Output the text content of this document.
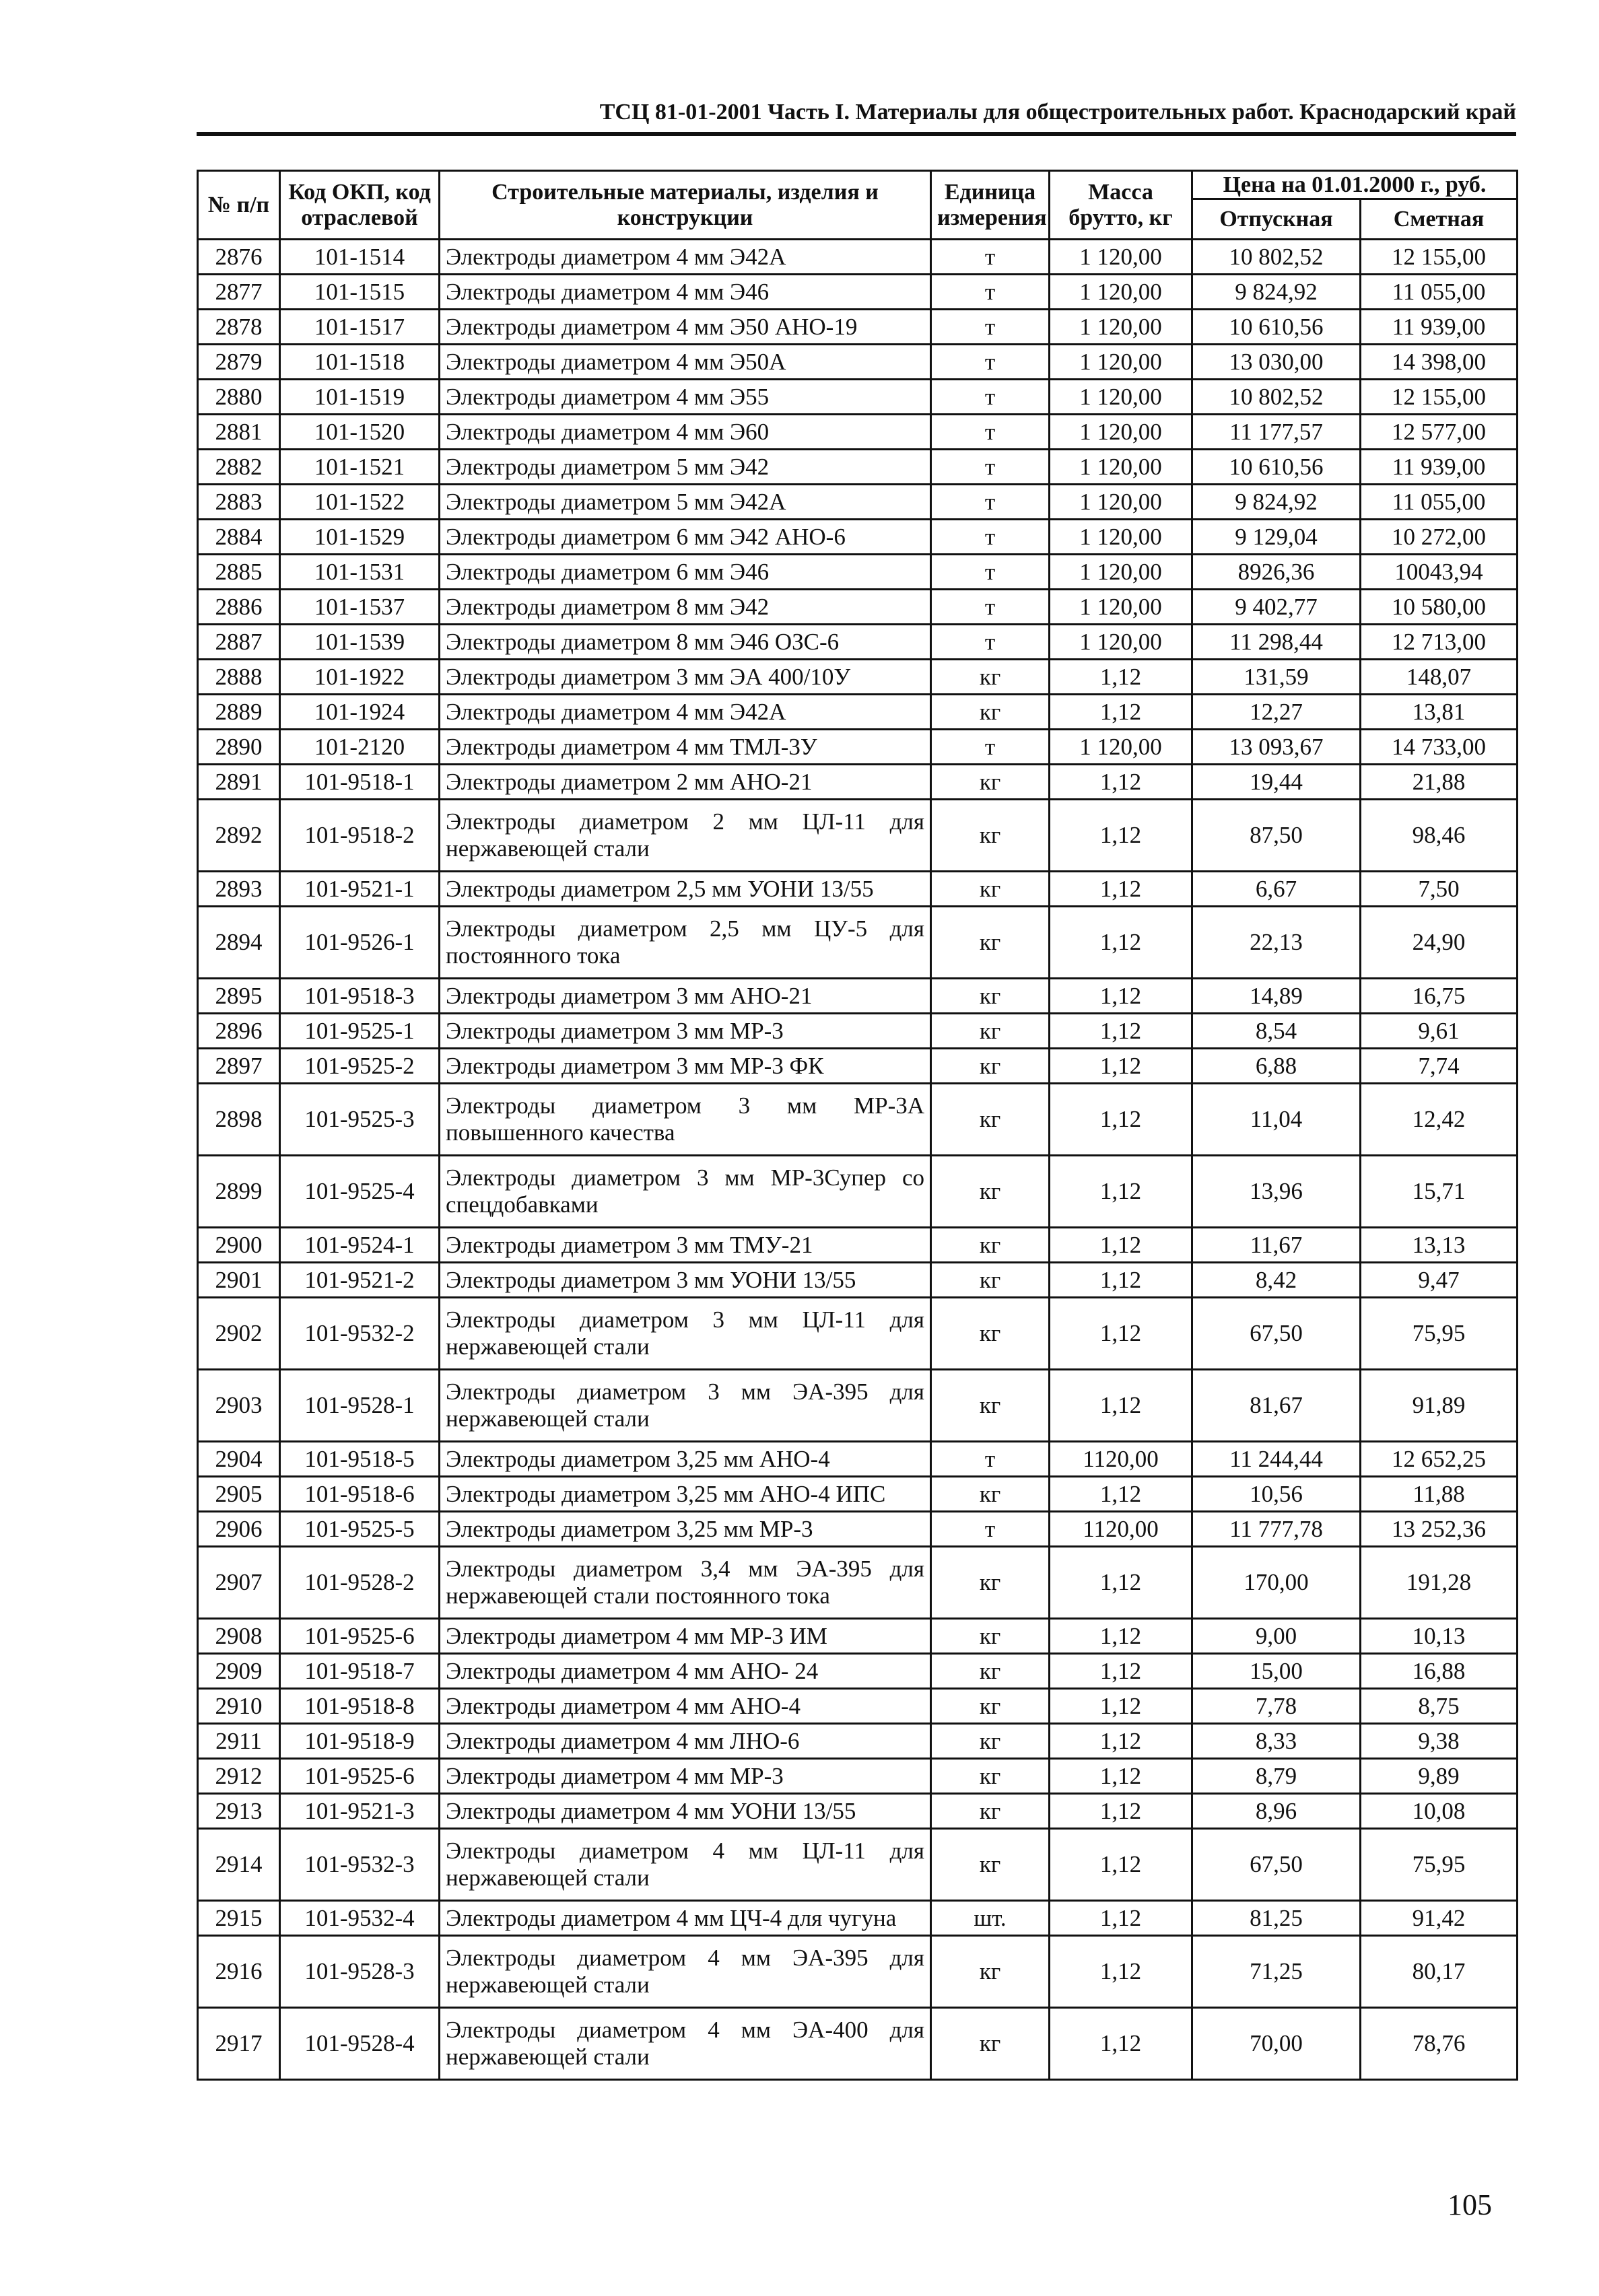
ТСЦ 81-01-2001 Часть I. Материалы для общестроительных работ. Краснодарский край
№ п/п	Код ОКП, код отраслевой	Строительные материалы, изделия и конструкции	Единица измерения	Масса брутто, кг	Цена на 01.01.2000 г., руб.	
					Отпускная	Сметная
2876	101-1514	Электроды диаметром 4 мм Э42А	т	1 120,00	10 802,52	12 155,00
2877	101-1515	Электроды диаметром 4 мм Э46	т	1 120,00	9 824,92	11 055,00
2878	101-1517	Электроды диаметром 4 мм Э50 АНО-19	т	1 120,00	10 610,56	11 939,00
2879	101-1518	Электроды диаметром 4 мм Э50А	т	1 120,00	13 030,00	14 398,00
2880	101-1519	Электроды диаметром 4 мм Э55	т	1 120,00	10 802,52	12 155,00
2881	101-1520	Электроды диаметром 4 мм Э60	т	1 120,00	11 177,57	12 577,00
2882	101-1521	Электроды диаметром 5 мм Э42	т	1 120,00	10 610,56	11 939,00
2883	101-1522	Электроды диаметром 5 мм Э42А	т	1 120,00	9 824,92	11 055,00
2884	101-1529	Электроды диаметром 6 мм Э42 АНО-6	т	1 120,00	9 129,04	10 272,00
2885	101-1531	Электроды диаметром 6 мм Э46	т	1 120,00	8926,36	10043,94
2886	101-1537	Электроды диаметром 8 мм Э42	т	1 120,00	9 402,77	10 580,00
2887	101-1539	Электроды диаметром 8 мм Э46 ОЗС-6	т	1 120,00	11 298,44	12 713,00
2888	101-1922	Электроды диаметром 3 мм ЭА 400/10У	кг	1,12	131,59	148,07
2889	101-1924	Электроды диаметром 4 мм Э42А	кг	1,12	12,27	13,81
2890	101-2120	Электроды диаметром 4 мм ТМЛ-3У	т	1 120,00	13 093,67	14 733,00
2891	101-9518-1	Электроды диаметром 2 мм АНО-21	кг	1,12	19,44	21,88
2892	101-9518-2	Электроды диаметром 2 мм ЦЛ-11 для нержавеющей стали	кг	1,12	87,50	98,46
2893	101-9521-1	Электроды диаметром 2,5 мм УОНИ 13/55	кг	1,12	6,67	7,50
2894	101-9526-1	Электроды диаметром 2,5 мм ЦУ-5 для постоянного тока	кг	1,12	22,13	24,90
2895	101-9518-3	Электроды диаметром 3 мм АНО-21	кг	1,12	14,89	16,75
2896	101-9525-1	Электроды диаметром 3 мм МР-3	кг	1,12	8,54	9,61
2897	101-9525-2	Электроды диаметром 3 мм МР-3 ФК	кг	1,12	6,88	7,74
2898	101-9525-3	Электроды диаметром 3 мм МР-3А повышенного качества	кг	1,12	11,04	12,42
2899	101-9525-4	Электроды диаметром 3 мм МР-3Супер со спецдобавками	кг	1,12	13,96	15,71
2900	101-9524-1	Электроды диаметром 3 мм ТМУ-21	кг	1,12	11,67	13,13
2901	101-9521-2	Электроды диаметром 3 мм УОНИ 13/55	кг	1,12	8,42	9,47
2902	101-9532-2	Электроды диаметром 3 мм ЦЛ-11 для нержавеющей стали	кг	1,12	67,50	75,95
2903	101-9528-1	Электроды диаметром 3 мм ЭА-395 для нержавеющей стали	кг	1,12	81,67	91,89
2904	101-9518-5	Электроды диаметром 3,25 мм АНО-4	т	1120,00	11 244,44	12 652,25
2905	101-9518-6	Электроды диаметром 3,25 мм АНО-4 ИПС	кг	1,12	10,56	11,88
2906	101-9525-5	Электроды диаметром 3,25 мм МР-3	т	1120,00	11 777,78	13 252,36
2907	101-9528-2	Электроды диаметром 3,4 мм ЭА-395 для нержавеющей стали постоянного тока	кг	1,12	170,00	191,28
2908	101-9525-6	Электроды диаметром 4 мм МР-3 ИМ	кг	1,12	9,00	10,13
2909	101-9518-7	Электроды диаметром 4 мм АНО- 24	кг	1,12	15,00	16,88
2910	101-9518-8	Электроды диаметром 4 мм АНО-4	кг	1,12	7,78	8,75
2911	101-9518-9	Электроды диаметром 4 мм ЛНО-6	кг	1,12	8,33	9,38
2912	101-9525-6	Электроды диаметром 4 мм МР-3	кг	1,12	8,79	9,89
2913	101-9521-3	Электроды диаметром 4 мм УОНИ 13/55	кг	1,12	8,96	10,08
2914	101-9532-3	Электроды диаметром 4 мм ЦЛ-11 для нержавеющей стали	кг	1,12	67,50	75,95
2915	101-9532-4	Электроды диаметром 4 мм ЦЧ-4 для чугуна	шт.	1,12	81,25	91,42
2916	101-9528-3	Электроды диаметром 4 мм ЭА-395 для нержавеющей стали	кг	1,12	71,25	80,17
2917	101-9528-4	Электроды диаметром 4 мм ЭА-400 для нержавеющей стали	кг	1,12	70,00	78,76
105
